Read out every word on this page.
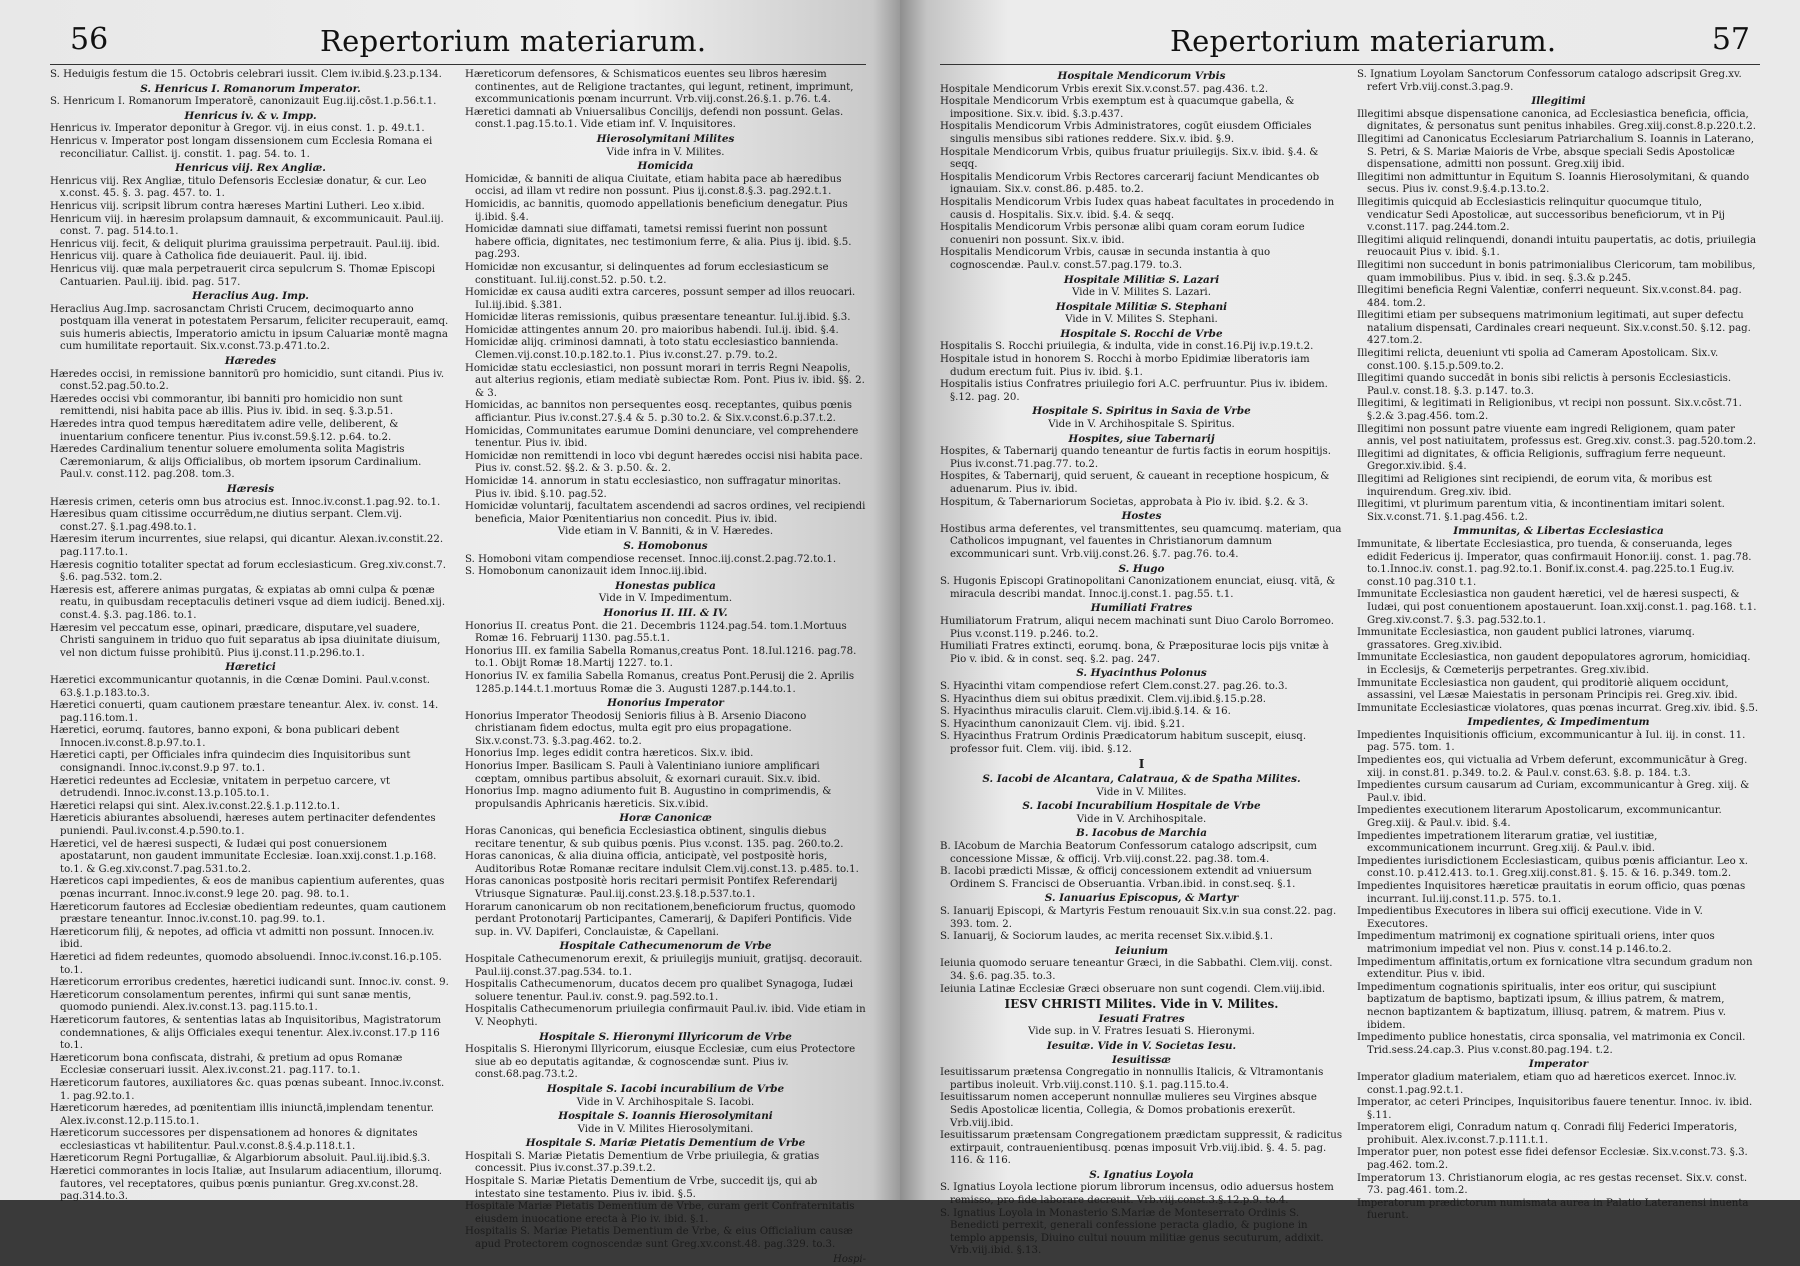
56	Repertorium materiarum.
S. Heduigis festum die 15. Octobris celebrari iussit. Clem iv.ibid.§.23.p.134.
S. Henricus I. Romanorum Imperator.
S. Henricum I. Romanorum Imperatorē, canonizauit Eug.iij.cōst.1.p.56.t.1.
Henricus iv. & v. Impp.
Henricus iv. Imperator deponitur à Gregor. vij. in eius const. 1. p. 49.t.1.
Henricus v. Imperator post longam dissensionem cum Ecclesia Romana ei reconciliatur. Callist. ij. constit. 1. pag. 54. to. 1.
Henricus viij. Rex Angliæ.
Henricus viij. Rex Angliæ, titulo Defensoris Ecclesiæ donatur, & cur. Leo x.const. 45. §. 3. pag. 457. to. 1.
Henricus viij. scripsit librum contra hæreses Martini Lutheri. Leo x.ibid.
Henricum viij. in hæresim prolapsum damnauit, & excommunicauit. Paul.iij. const. 7. pag. 514.to.1.
Henricus viij. fecit, & deliquit plurima grauissima perpetrauit. Paul.iij. ibid.
Henricus viij. quare à Catholica fide deuiauerit. Paul. iij. ibid.
Henricus viij. quæ mala perpetrauerit circa sepulcrum S. Thomæ Episcopi Cantuarien. Paul.iij. ibid. pag. 517.
Heraclius Aug. Imp.
Heraclius Aug.Imp. sacrosanctam Christi Crucem, decimoquarto anno postquam illa venerat in potestatem Persarum, feliciter recuperauit, eamq. suis humeris abiectis, Imperatorio amictu in ipsum Caluariæ montē magna cum humilitate reportauit. Six.v.const.73.p.471.to.2.
Hæredes
Hæredes occisi, in remissione bannitorū pro homicidio, sunt citandi. Pius iv. const.52.pag.50.to.2.
Hæredes occisi vbi commorantur, ibi banniti pro homicidio non sunt remittendi, nisi habita pace ab illis. Pius iv. ibid. in seq. §.3.p.51.
Hæredes intra quod tempus hæreditatem adire velle, deliberent, & inuentarium conficere tenentur. Pius iv.const.59.§.12. p.64. to.2.
Hæredes Cardinalium tenentur soluere emolumenta solita Magistris Cæremoniarum, & alijs Officialibus, ob mortem ipsorum Cardinalium. Paul.v. const.112. pag.208. tom.3.
Hæresis
Hæresis crimen, ceteris omn bus atrocius est. Innoc.iv.const.1.pag.92. to.1.
Hæresibus quam citissime occurrēdum,ne diutius serpant. Clem.vij. const.27. §.1.pag.498.to.1.
Hæresim iterum incurrentes, siue relapsi, qui dicantur. Alexan.iv.constit.22. pag.117.to.1.
Hæresis cognitio totaliter spectat ad forum ecclesiasticum. Greg.xiv.const.7. §.6. pag.532. tom.2.
Hæresis est, afferere animas purgatas, & expiatas ab omni culpa & pœnæ reatu, in quibusdam receptaculis detineri vsque ad diem iudicij. Bened.xij. const.4. §.3. pag.186. to.1.
Hæresim vel peccatum esse, opinari, prædicare, disputare,vel suadere, Christi sanguinem in triduo quo fuit separatus ab ipsa diuinitate diuisum, vel non dictum fuisse prohibitū. Pius ij.const.11.p.296.to.1.
Hæretici
Hæretici excommunicantur quotannis, in die Cœnæ Domini. Paul.v.const. 63.§.1.p.183.to.3.
Hæretici conuerti, quam cautionem præstare teneantur. Alex. iv. const. 14. pag.116.tom.1.
Hæretici, eorumq. fautores, banno exponi, & bona publicari debent Innocen.iv.const.8.p.97.to.1.
Hæretici capti, per Officiales infra quindecim dies Inquisitoribus sunt consignandi. Innoc.iv.const.9.p 97. to.1.
Hæretici redeuntes ad Ecclesiæ, vnitatem in perpetuo carcere, vt detrudendi. Innoc.iv.const.13.p.105.to.1.
Hæretici relapsi qui sint. Alex.iv.const.22.§.1.p.112.to.1.
Hæreticis abiurantes absoluendi, hæreses autem pertinaciter defendentes puniendi. Paul.iv.const.4.p.590.to.1.
Hæretici, vel de hæresi suspecti, & Iudæi qui post conuersionem apostatarunt, non gaudent immunitate Ecclesiæ. Ioan.xxij.const.1.p.168. to.1. & G.eg.xiv.const.7.pag.531.to.2.
Hæreticos capi impedientes, & eos de manibus capientium auferentes, quas pœnas incurrant. Innoc.iv.const.9 lege 20. pag. 98. to.1.
Hæreticorum fautores ad Ecclesiæ obedientiam redeuntes, quam cautionem præstare teneantur. Innoc.iv.const.10. pag.99. to.1.
Hæreticorum filij, & nepotes, ad officia vt admitti non possunt. Innocen.iv. ibid.
Hæretici ad fidem redeuntes, quomodo absoluendi. Innoc.iv.const.16.p.105. to.1.
Hæreticorum erroribus credentes, hæretici iudicandi sunt. Innoc.iv. const. 9.
Hæreticorum consolamentum perentes, infirmi qui sunt sanæ mentis, quomodo puniendi. Alex.iv.const.13. pag.115.to.1.
Hæreticorum fautores, & sententias latas ab Inquisitoribus, Magistratorum condemnationes, & alijs Officiales exequi tenentur. Alex.iv.const.17.p 116 to.1.
Hæreticorum bona confiscata, distrahi, & pretium ad opus Romanæ Ecclesiæ conseruari iussit. Alex.iv.const.21. pag.117. to.1.
Hæreticorum fautores, auxiliatores &c. quas pœnas subeant. Innoc.iv.const. 1. pag.92.to.1.
Hæreticorum hæredes, ad pœnitentiam illis iniunctā,implendam tenentur. Alex.iv.const.12.p.115.to.1.
Hæreticorum successores per dispensationem ad honores & dignitates ecclesiasticas vt habilitentur. Paul.v.const.8.§.4.p.118.t.1.
Hæreticorum Regni Portugalliæ, & Algarbiorum absoluit. Paul.iij.ibid.§.3.
Hæretici commorantes in locis Italiæ, aut Insularum adiacentium, illorumq. fautores, vel receptatores, quibus pœnis puniantur. Greg.xv.const.28. pag.314.to.3.
Hæreticorum defensores, & Schismaticos euentes seu libros hæresim continentes, aut de Religione tractantes, qui legunt, retinent, imprimunt, excommunicationis pœnam incurrunt. Vrb.viij.const.26.§.1. p.76. t.4.
Hæretici damnati ab Vniuersalibus Concilijs, defendi non possunt. Gelas. const.1.pag.15.to.1. Vide etiam inf. V. Inquisitores.
Hierosolymitani Milites
Vide infra in V. Milites.
Homicida
Homicidæ, & banniti de aliqua Ciuitate, etiam habita pace ab hæredibus occisi, ad illam vt redire non possunt. Pius ij.const.8.§.3. pag.292.t.1.
Homicidis, ac bannitis, quomodo appellationis beneficium denegatur. Pius ij.ibid. §.4.
Homicidæ damnati siue diffamati, tametsi remissi fuerint non possunt habere officia, dignitates, nec testimonium ferre, & alia. Pius ij. ibid. §.5. pag.293.
Homicidæ non excusantur, si delinquentes ad forum ecclesiasticum se constituant. Iul.iij.const.52. p.50. t.2.
Homicidæ ex causa auditi extra carceres, possunt semper ad illos reuocari. Iul.iij.ibid. §.381.
Homicidæ literas remissionis, quibus præsentare teneantur. Iul.ij.ibid. §.3.
Homicidæ attingentes annum 20. pro maioribus habendi. Iul.ij. ibid. §.4.
Homicidæ alijq. criminosi damnati, à toto statu ecclesiastico bannienda. Clemen.vij.const.10.p.182.to.1. Pius iv.const.27. p.79. to.2.
Homicidæ statu ecclesiastici, non possunt morari in terris Regni Neapolis, aut alterius regionis, etiam mediatè subiectæ Rom. Pont. Pius iv. ibid. §§. 2. & 3.
Homicidas, ac bannitos non persequentes eosq. receptantes, quibus pœnis afficiantur. Pius iv.const.27.§.4 & 5. p.30 to.2. & Six.v.const.6.p.37.t.2.
Homicidas, Communitates earumue Domini denunciare, vel comprehendere tenentur. Pius iv. ibid.
Homicidæ non remittendi in loco vbi degunt hæredes occisi nisi habita pace. Pius iv. const.52. §§.2. & 3. p.50. &. 2.
Homicidæ 14. annorum in statu ecclesiastico, non suffragatur minoritas. Pius iv. ibid. §.10. pag.52.
Homicidæ voluntarij, facultatem ascendendi ad sacros ordines, vel recipiendi beneficia, Maior Pœnitentiarius non concedit. Pius iv. ibid.
Vide etiam in V. Banniti, & in V. Hæredes.
S. Homobonus
S. Homoboni vitam compendiose recenset. Innoc.iij.const.2.pag.72.to.1.
S. Homobonum canonizauit idem Innoc.iij.ibid.
Honestas publica
Vide in V. Impedimentum.
Honorius II. III. & IV.
Honorius II. creatus Pont. die 21. Decembris 1124.pag.54. tom.1.Mortuus Romæ 16. Februarij 1130. pag.55.t.1.
Honorius III. ex familia Sabella Romanus,creatus Pont. 18.Iul.1216. pag.78. to.1. Obijt Romæ 18.Martij 1227. to.1.
Honorius IV. ex familia Sabella Romanus, creatus Pont.Perusij die 2. Aprilis 1285.p.144.t.1.mortuus Romæ die 3. Augusti 1287.p.144.to.1.
Honorius Imperator
Honorius Imperator Theodosij Senioris filius à B. Arsenio Diacono christianam fidem edoctus, multa egit pro eius propagatione. Six.v.const.73. §.3.pag.462. to.2.
Honorius Imp. leges edidit contra hæreticos. Six.v. ibid.
Honorius Imper. Basilicam S. Pauli à Valentiniano iuniore amplificari cœptam, omnibus partibus absoluit, & exornari curauit. Six.v. ibid.
Honorius Imp. magno adiumento fuit B. Augustino in comprimendis, & propulsandis Aphricanis hæreticis. Six.v.ibid.
Horæ Canonicæ
Horas Canonicas, qui beneficia Ecclesiastica obtinent, singulis diebus recitare tenentur, & sub quibus pœnis. Pius v.const. 135. pag. 260.to.2.
Horas canonicas, & alia diuina officia, anticipatè, vel postpositè horis, Auditoribus Rotæ Romanæ recitare indulsit Clem.vij.const.13. p.485. to.1.
Horas canonicas postpositè horis recitari permisit Pontifex Referendarij Vtriusque Signaturæ. Paul.iij.const.23.§.18.p.537.to.1.
Horarum canonicarum ob non recitationem,beneficiorum fructus, quomodo perdant Protonotarij Participantes, Camerarij, & Dapiferi Pontificis. Vide sup. in. VV. Dapiferi, Conclauistæ, & Capellani.
Hospitale Cathecumenorum de Vrbe
Hospitale Cathecumenorum erexit, & priuilegijs muniuit, gratijsq. decorauit. Paul.iij.const.37.pag.534. to.1.
Hospitalis Cathecumenorum, ducatos decem pro qualibet Synagoga, Iudæi soluere tenentur. Paul.iv. const.9. pag.592.to.1.
Hospitalis Cathecumenorum priuilegia confirmauit Paul.iv. ibid. Vide etiam in V. Neophyti.
Hospitale S. Hieronymi Illyricorum de Vrbe
Hospitalis S. Hieronymi Illyricorum, eiusque Ecclesiæ, cum eius Protectore siue ab eo deputatis agitandæ, & cognoscendæ sunt. Pius iv. const.68.pag.73.t.2.
Hospitale S. Iacobi incurabilium de Vrbe
Vide in V. Archihospitale S. Iacobi.
Hospitale S. Ioannis Hierosolymitani
Vide in V. Milites Hierosolymitani.
Hospitale S. Mariæ Pietatis Dementium de Vrbe
Hospitali S. Mariæ Pietatis Dementium de Vrbe priuilegia, & gratias concessit. Pius iv.const.37.p.39.t.2.
Hospitale S. Mariæ Pietatis Dementium de Vrbe, succedit ijs, qui ab intestato sine testamento. Pius iv. ibid. §.5.
Hospitale Mariæ Pietatis Dementium de Vrbe, curam gerit Confraternitatis eiusdem inuocatione erecta à Pio iv. ibid. §.1.
Hospitalis S. Mariæ Pietatis Dementium de Vrbe, & eius Officialium causæ apud Protectorem cognoscendæ sunt Greg.xv.const.48. pag.329. to.3.
Hospi-
Repertorium materiarum.	57
Hospitale Mendicorum Vrbis
Hospitale Mendicorum Vrbis erexit Six.v.const.57. pag.436. t.2.
Hospitale Mendicorum Vrbis exemptum est à quacumque gabella, & impositione. Six.v. ibid. §.3.p.437.
Hospitalis Mendicorum Vrbis Administratores, cogūt eiusdem Officiales singulis mensibus sibi rationes reddere. Six.v. ibid. §.9.
Hospitale Mendicorum Vrbis, quibus fruatur priuilegijs. Six.v. ibid. §.4. & seqq.
Hospitalis Mendicorum Vrbis Rectores carcerarij faciunt Mendicantes ob ignauiam. Six.v. const.86. p.485. to.2.
Hospitalis Mendicorum Vrbis Iudex quas habeat facultates in procedendo in causis d. Hospitalis. Six.v. ibid. §.4. & seqq.
Hospitalis Mendicorum Vrbis personæ alibi quam coram eorum Iudice conueniri non possunt. Six.v. ibid.
Hospitalis Mendicorum Vrbis, causæ in secunda instantia à quo cognoscendæ. Paul.v. const.57.pag.179. to.3.
Hospitale Militiæ S. Lazari
Vide in V. Milites S. Lazari.
Hospitale Militiæ S. Stephani
Vide in V. Milites S. Stephani.
Hospitale S. Rocchi de Vrbe
Hospitalis S. Rocchi priuilegia, & indulta, vide in const.16.Pij iv.p.19.t.2.
Hospitale istud in honorem S. Rocchi à morbo Epidimiæ liberatoris iam dudum erectum fuit. Pius iv. ibid. §.1.
Hospitalis istius Confratres priuilegio fori A.C. perfruuntur. Pius iv. ibidem. §.12. pag. 20.
Hospitale S. Spiritus in Saxia de Vrbe
Vide in V. Archihospitale S. Spiritus.
Hospites, siue Tabernarij
Hospites, & Tabernarij quando teneantur de furtis factis in eorum hospitijs. Pius iv.const.71.pag.77. to.2.
Hospites, & Tabernarij, quid seruent, & caueant in receptione hospicum, & aduenarum. Pius iv. ibid.
Hospitum, & Tabernariorum Societas, approbata à Pio iv. ibid. §.2. & 3.
Hostes
Hostibus arma deferentes, vel transmittentes, seu quamcumq. materiam, qua Catholicos impugnant, vel fauentes in Christianorum damnum excommunicari sunt. Vrb.viij.const.26. §.7. pag.76. to.4.
S. Hugo
S. Hugonis Episcopi Gratinopolitani Canonizationem enunciat, eiusq. vitā, & miracula describi mandat. Innoc.ij.const.1. pag.55. t.1.
Humiliati Fratres
Humiliatorum Fratrum, aliqui necem machinati sunt Diuo Carolo Borromeo. Pius v.const.119. p.246. to.2.
Humiliati Fratres extincti, eorumq. bona, & Præpositurae locis pijs vnitæ à Pio v. ibid. & in const. seq. §.2. pag. 247.
S. Hyacinthus Polonus
S. Hyacinthi vitam compendiose refert Clem.const.27. pag.26. to.3.
S. Hyacinthus diem sui obitus prædixit. Clem.vij.ibid.§.15.p.28.
S. Hyacinthus miraculis claruit. Clem.vij.ibid.§.14. & 16.
S. Hyacinthum canonizauit Clem. vij. ibid. §.21.
S. Hyacinthus Fratrum Ordinis Prædicatorum habitum suscepit, eiusq. professor fuit. Clem. viij. ibid. §.12.
I
S. Iacobi de Alcantara, Calatraua, & de Spatha Milites.
Vide in V. Milites.
S. Iacobi Incurabilium Hospitale de Vrbe
Vide in V. Archihospitale.
B. Iacobus de Marchia
B. IAcobum de Marchia Beatorum Confessorum catalogo adscripsit, cum concessione Missæ, & officij. Vrb.viij.const.22. pag.38. tom.4.
B. Iacobi prædicti Missæ, & officij concessionem extendit ad vniuersum Ordinem S. Francisci de Obseruantia. Vrban.ibid. in const.seq. §.1.
S. Ianuarius Episcopus, & Martyr
S. Ianuarij Episcopi, & Martyris Festum renouauit Six.v.in sua const.22. pag. 393. tom. 2.
S. Ianuarij, & Sociorum laudes, ac merita recenset Six.v.ibid.§.1.
Ieiunium
Ieiunia quomodo seruare teneantur Græci, in die Sabbathi. Clem.viij. const. 34. §.6. pag.35. to.3.
Ieiunia Latinæ Ecclesiæ Græci obseruare non sunt cogendi. Clem.viij.ibid.
IESV CHRISTI Milites. Vide in V. Milites.
Iesuati Fratres
Vide sup. in V. Fratres Iesuati S. Hieronymi.
Iesuitæ. Vide in V. Societas Iesu.
Iesuitissæ
Iesuitissarum prætensa Congregatio in nonnullis Italicis, & Vltramontanis partibus inoleuit. Vrb.viij.const.110. §.1. pag.115.to.4.
Iesuitissarum nomen acceperunt nonnullæ mulieres seu Virgines absque Sedis Apostolicæ licentia, Collegia, & Domos probationis erexerūt. Vrb.viij.ibid.
Iesuitissarum prætensam Congregationem prædictam suppressit, & radicitus extirpauit, contrauenientibusq. pœnas imposuit Vrb.viij.ibid. §. 4. 5. pag. 116. & 116.
S. Ignatius Loyola
S. Ignatius Loyola lectione piorum librorum incensus, odio aduersus hostem remisso, pro fide laborare decreuit. Vrb.viij.const.3.§.12.p.9. to.4.
S. Ignatius Loyola in Monasterio S.Mariæ de Monteserrato Ordinis S. Benedicti perrexit, generali confessione peracta gladio, & pugione in templo appensis, Diuino cultui nouum militiæ genus secuturum, addixit. Vrb.viij.ibid. §.13.
S. Ignatium Loyolam Sanctorum Confessorum catalogo adscripsit Greg.xv. refert Vrb.viij.const.3.pag.9.
Illegitimi
Illegitimi absque dispensatione canonica, ad Ecclesiastica beneficia, officia, dignitates, & personatus sunt penitus inhabiles. Greg.xiij.const.8.p.220.t.2.
Illegitimi ad Canonicatus Ecclesiarum Patriarchalium S. Ioannis in Laterano, S. Petri, & S. Mariæ Maioris de Vrbe, absque speciali Sedis Apostolicæ dispensatione, admitti non possunt. Greg.xiij ibid.
Illegitimi non admittuntur in Equitum S. Ioannis Hierosolymitani, & quando secus. Pius iv. const.9.§.4.p.13.to.2.
Illegitimis quicquid ab Ecclesiasticis relinquitur quocumque titulo, vendicatur Sedi Apostolicæ, aut successoribus beneficiorum, vt in Pij v.const.117. pag.244.tom.2.
Illegitimi aliquid relinquendi, donandi intuitu paupertatis, ac dotis, priuilegia reuocauit Pius v. ibid. §.1.
Illegitimi non succedunt in bonis patrimonialibus Clericorum, tam mobilibus, quam immobilibus. Pius v. ibid. in seq. §.3.& p.245.
Illegitimi beneficia Regni Valentiæ, conferri nequeunt. Six.v.const.84. pag. 484. tom.2.
Illegitimi etiam per subsequens matrimonium legitimati, aut super defectu natalium dispensati, Cardinales creari nequeunt. Six.v.const.50. §.12. pag. 427.tom.2.
Illegitimi relicta, deueniunt vti spolia ad Cameram Apostolicam. Six.v. const.100. §.15.p.509.to.2.
Illegitimi quando succedāt in bonis sibi relictis à personis Ecclesiasticis. Paul.v. const.18. §.3. p.147. to.3.
Illegitimi, & legitimati in Religionibus, vt recipi non possunt. Six.v.cōst.71. §.2.& 3.pag.456. tom.2.
Illegitimi non possunt patre viuente eam ingredi Religionem, quam pater annis, vel post natiuitatem, professus est. Greg.xiv. const.3. pag.520.tom.2.
Illegitimi ad dignitates, & officia Religionis, suffragium ferre nequeunt. Gregor.xiv.ibid. §.4.
Illegitimi ad Religiones sint recipiendi, de eorum vita, & moribus est inquirendum. Greg.xiv. ibid.
Illegitimi, vt plurimum parentum vitia, & incontinentiam imitari solent. Six.v.const.71. §.1.pag.456. t.2.
Immunitas, & Libertas Ecclesiastica
Immunitate, & libertate Ecclesiastica, pro tuenda, & conseruanda, leges edidit Federicus ij. Imperator, quas confirmauit Honor.iij. const. 1. pag.78. to.1.Innoc.iv. const.1. pag.92.to.1. Bonif.ix.const.4. pag.225.to.1 Eug.iv. const.10 pag.310 t.1.
Immunitate Ecclesiastica non gaudent hæretici, vel de hæresi suspecti, & Iudæi, qui post conuentionem apostauerunt. Ioan.xxij.const.1. pag.168. t.1. Greg.xiv.const.7. §.3. pag.532.to.1.
Immunitate Ecclesiastica, non gaudent publici latrones, viarumq. grassatores. Greg.xiv.ibid.
Immunitate Ecclesiastica, non gaudent depopulatores agrorum, homicidiaq. in Ecclesijs, & Cœmeterijs perpetrantes. Greg.xiv.ibid.
Immunitate Ecclesiastica non gaudent, qui proditoriè aliquem occidunt, assassini, vel Læsæ Maiestatis in personam Principis rei. Greg.xiv. ibid.
Immunitate Ecclesiasticæ violatores, quas pœnas incurrat. Greg.xiv. ibid. §.5.
Impedientes, & Impedimentum
Impedientes Inquisitionis officium, excommunicantur à Iul. iij. in const. 11. pag. 575. tom. 1.
Impedientes eos, qui victualia ad Vrbem deferunt, excommunicātur à Greg. xiij. in const.81. p.349. to.2. & Paul.v. const.63. §.8. p. 184. t.3.
Impedientes cursum causarum ad Curiam, excommunicantur à Greg. xiij. & Paul.v. ibid.
Impedientes executionem literarum Apostolicarum, excommunicantur. Greg.xiij. & Paul.v. ibid. §.4.
Impedientes impetrationem literarum gratiæ, vel iustitiæ, excommunicationem incurrunt. Greg.xiij. & Paul.v. ibid.
Impedientes iurisdictionem Ecclesiasticam, quibus pœnis afficiantur. Leo x. const.10. p.412.413. to.1. Greg.xiij.const.81. §. 15. & 16. p.349. tom.2.
Impedientes Inquisitores hæreticæ prauitatis in eorum officio, quas pœnas incurrant. Iul.iij.const.11.p. 575. to.1.
Impedientibus Executores in libera sui officij executione. Vide in V. Executores.
Impedimentum matrimonij ex cognatione spirituali oriens, inter quos matrimonium impediat vel non. Pius v. const.14 p.146.to.2.
Impedimentum affinitatis,ortum ex fornicatione vltra secundum gradum non extenditur. Pius v. ibid.
Impedimentum cognationis spiritualis, inter eos oritur, qui suscipiunt baptizatum de baptismo, baptizati ipsum, & illius patrem, & matrem, necnon baptizantem & baptizatum, illiusq. patrem, & matrem. Pius v. ibidem.
Impedimento publice honestatis, circa sponsalia, vel matrimonia ex Concil. Trid.sess.24.cap.3. Pius v.const.80.pag.194. t.2.
Imperator
Imperator gladium materialem, etiam quo ad hæreticos exercet. Innoc.iv. const.1.pag.92.t.1.
Imperator, ac ceteri Principes, Inquisitoribus fauere tenentur. Innoc. iv. ibid. §.11.
Imperatorem eligi, Conradum natum q. Conradi filij Federici Imperatoris, prohibuit. Alex.iv.const.7.p.111.t.1.
Imperator puer, non potest esse fidei defensor Ecclesiæ. Six.v.const.73. §.3. pag.462. tom.2.
Imperatorum 13. Christianorum elogia, ac res gestas recenset. Six.v. const. 73. pag.461. tom.2.
Imperatorum prædictorum numismata aurea in Palatio Lateranensi inuenta fuerunt.
